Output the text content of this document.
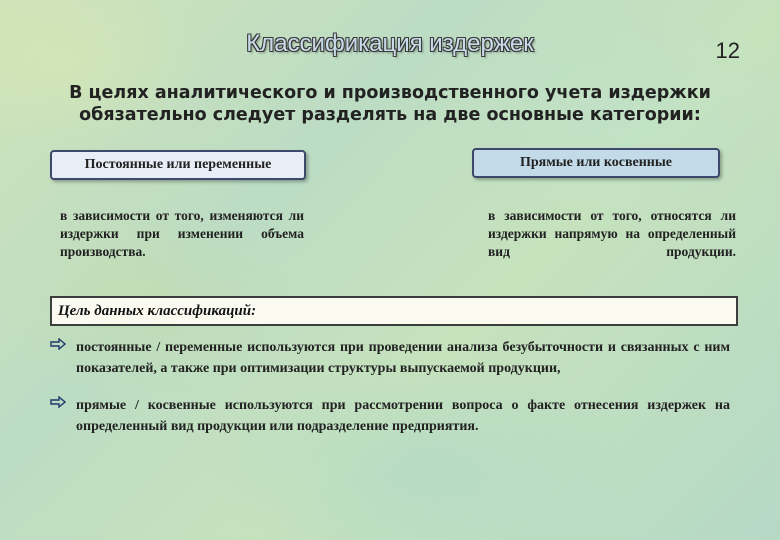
Классификация издержек	12
В целях аналитического и производственного учета издержки обязательно следует разделять на две основные категории:
Постоянные или переменные	Прямые или косвенные
в зависимости от того, изменяются ли издержки при изменении объема производства.
в зависимости от того, относятся ли издержки напрямую на определенный вид продукции.
Цель данных классификаций:
постоянные / переменные используются при проведении анализа безубыточности и связанных с ним показателей, а также при оптимизации структуры выпускаемой продукции,
прямые / косвенные используются при рассмотрении вопроса о факте отнесения издержек на определенный вид продукции или подразделение предприятия.
